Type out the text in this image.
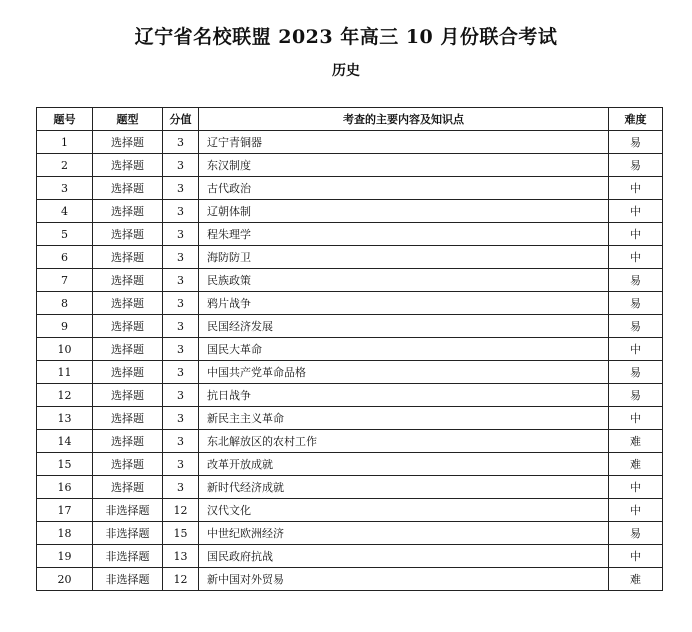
辽宁省名校联盟 2023 年高三 10 月份联合考试
历史
题号	题型	分值	考查的主要内容及知识点	难度
1	选择题	3	辽宁青铜器	易
2	选择题	3	东汉制度	易
3	选择题	3	古代政治	中
4	选择题	3	辽朝体制	中
5	选择题	3	程朱理学	中
6	选择题	3	海防防卫	中
7	选择题	3	民族政策	易
8	选择题	3	鸦片战争	易
9	选择题	3	民国经济发展	易
10	选择题	3	国民大革命	中
11	选择题	3	中国共产党革命品格	易
12	选择题	3	抗日战争	易
13	选择题	3	新民主主义革命	中
14	选择题	3	东北解放区的农村工作	难
15	选择题	3	改革开放成就	难
16	选择题	3	新时代经济成就	中
17	非选择题	12	汉代文化	中
18	非选择题	15	中世纪欧洲经济	易
19	非选择题	13	国民政府抗战	中
20	非选择题	12	新中国对外贸易	难
